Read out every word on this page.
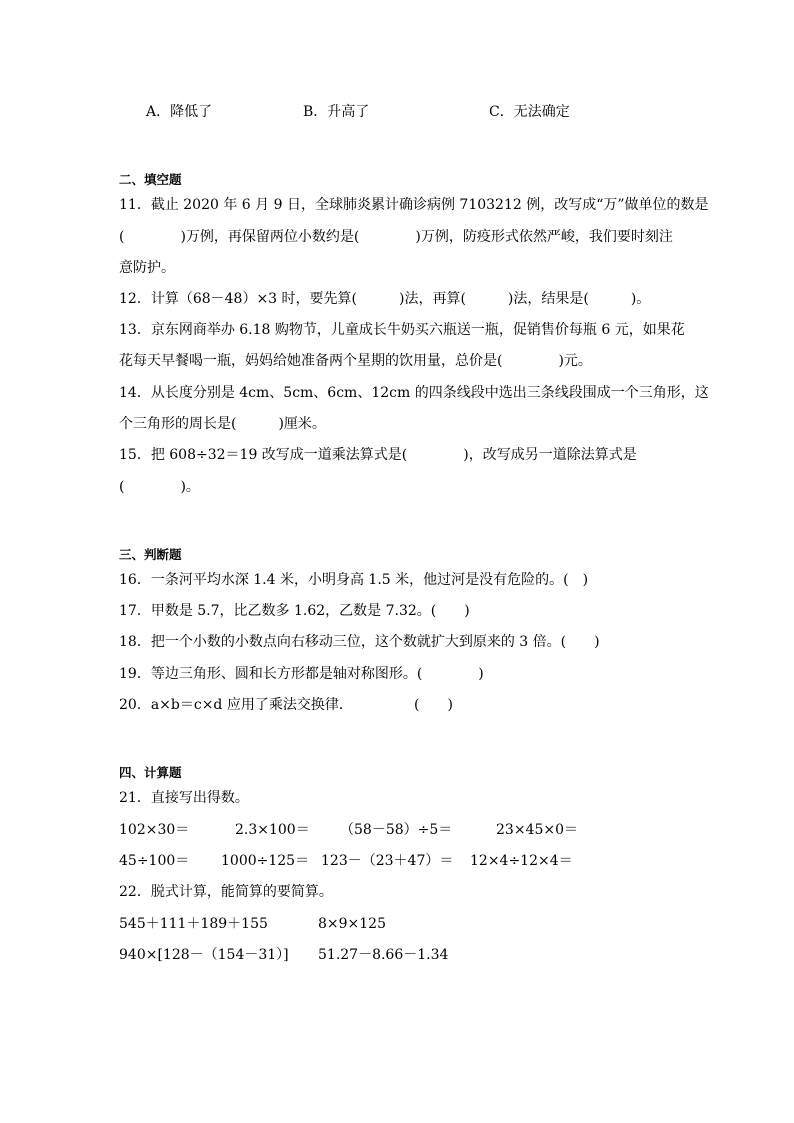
A．降低了	B．升高了	C．无法确定
二、填空题
11．截止 2020 年 6 月 9 日，全球肺炎累计确诊病例 7103212 例，改写成“万”做单位的数是
(　　　　)万例，再保留两位小数约是(　　　　)万例，防疫形式依然严峻，我们要时刻注
意防护。
12．计算（68－48）×3 时，要先算(　　　)法，再算(　　　)法，结果是(　　　)。
13．京东网商举办 6.18 购物节，儿童成长牛奶买六瓶送一瓶，促销售价每瓶 6 元，如果花
花每天早餐喝一瓶，妈妈给她准备两个星期的饮用量，总价是(　　　　)元。
14．从长度分别是 4cm、5cm、6cm、12cm 的四条线段中选出三条线段围成一个三角形，这
个三角形的周长是(　　　)厘米。
15．把 608÷32＝19 改写成一道乘法算式是(　　　　)，改写成另一道除法算式是
(　　　　)。
三、判断题
16．一条河平均水深 1.4 米，小明身高 1.5 米，他过河是没有危险的。(　)
17．甲数是 5.7，比乙数多 1.62，乙数是 7.32。(　　)
18．把一个小数的小数点向右移动三位，这个数就扩大到原来的 3 倍。(　　)
19．等边三角形、圆和长方形都是轴对称图形。(　　　　)
20．a×b＝c×d 应用了乘法交换律．	(　　)
四、计算题
21．直接写出得数。
102×30＝	2.3×100＝ （58－58）÷5＝	23×45×0＝
45÷100＝ 1000÷125＝ 123－（23＋47）＝ 12×4÷12×4＝
22．脱式计算，能简算的要简算。
545＋111＋189＋155	8×9×125
940×[128－（154－31）] 51.27－8.66－1.34
